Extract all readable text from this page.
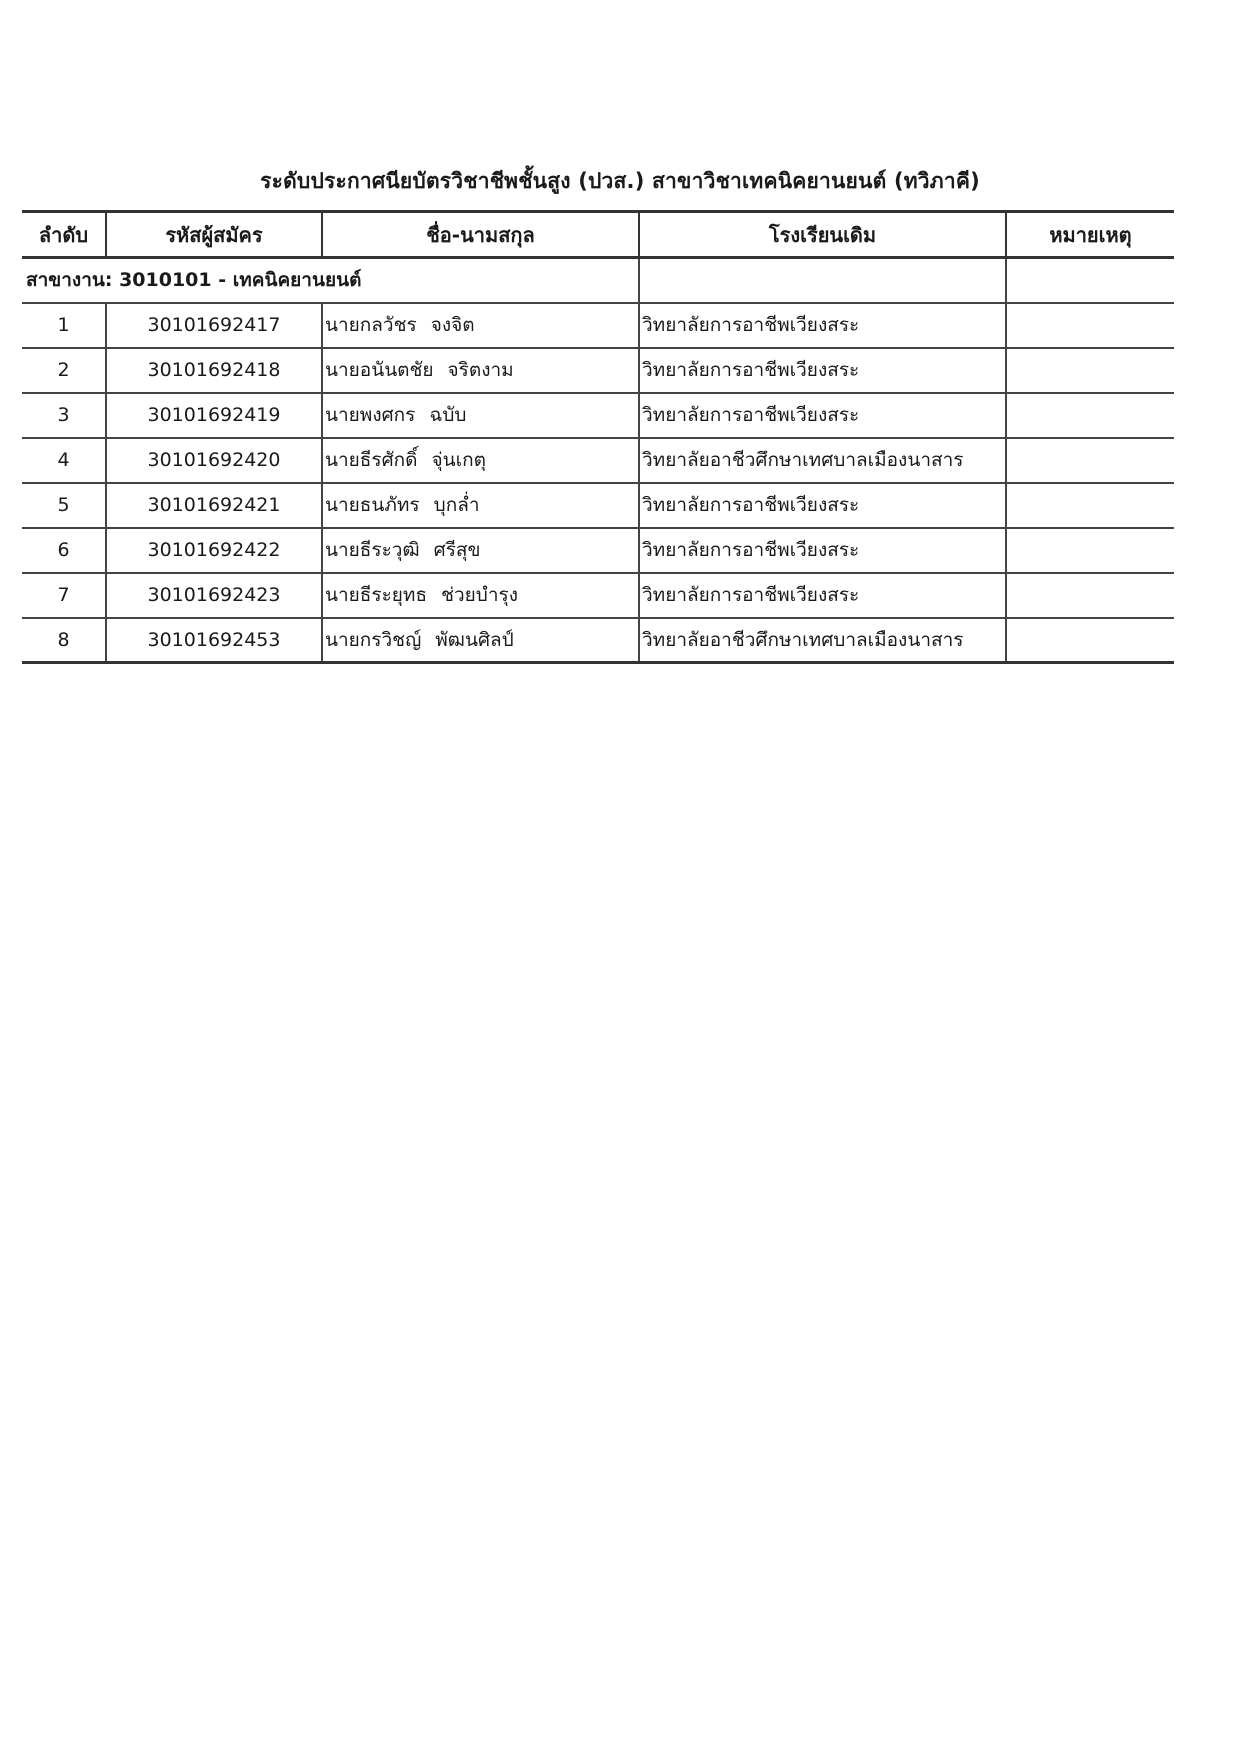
ระดับประกาศนียบัตรวิชาชีพชั้นสูง (ปวส.) สาขาวิชาเทคนิคยานยนต์ (ทวิภาคี)
ลำดับ	รหัสผู้สมัคร	ชื่อ-นามสกุล	โรงเรียนเดิม	หมายเหตุ
สาขางาน: 3010101 - เทคนิคยานยนต์				
1	30101692417	นายกลวัชร จงจิต	วิทยาลัยการอาชีพเวียงสระ	
2	30101692418	นายอนันตชัย จริตงาม	วิทยาลัยการอาชีพเวียงสระ	
3	30101692419	นายพงศกร ฉบับ	วิทยาลัยการอาชีพเวียงสระ	
4	30101692420	นายธีรศักดิ์ จุ่นเกตุ	วิทยาลัยอาชีวศึกษาเทศบาลเมืองนาสาร	
5	30101692421	นายธนภัทร บุกล่ำ	วิทยาลัยการอาชีพเวียงสระ	
6	30101692422	นายธีระวุฒิ ศรีสุข	วิทยาลัยการอาชีพเวียงสระ	
7	30101692423	นายธีระยุทธ ช่วยบำรุง	วิทยาลัยการอาชีพเวียงสระ	
8	30101692453	นายกรวิชญ์ พัฒนศิลป์	วิทยาลัยอาชีวศึกษาเทศบาลเมืองนาสาร	
